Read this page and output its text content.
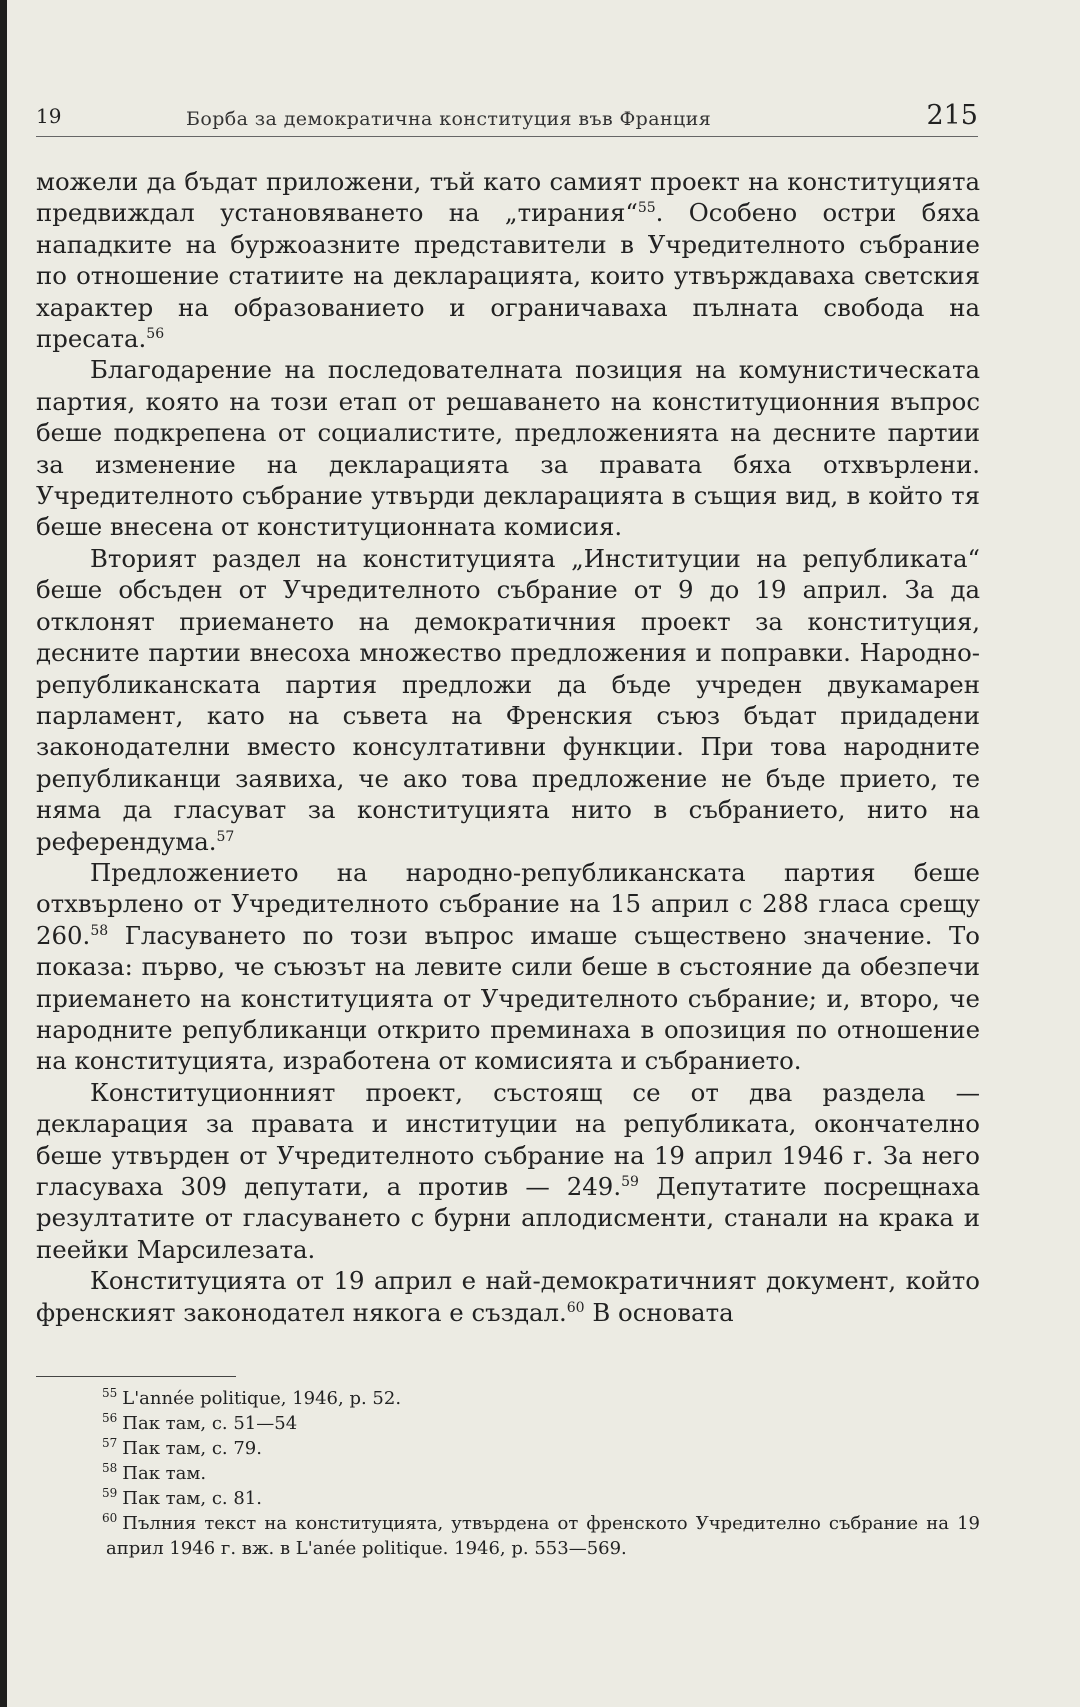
19	Борба за демократична конституция във Франция	215

можели да бъдат приложени, тъй като самият проект на конституцията предвиждал установяването на „тирания“$^{55}$. Особено остри бяха нападките на буржоазните представители в Учредителното събрание по отношение статиите на декларацията, които утвърждаваха светския характер на образованието и ограничаваха пълната свобода на пресата.$^{56}$

Благодарение на последователната позиция на комунистическата партия, която на този етап от решаването на конституционния въпрос беше подкрепена от социалистите, предложенията на десните партии за изменение на декларацията за правата бяха отхвърлени. Учредителното събрание утвърди декларацията в същия вид, в който тя беше внесена от конституционната комисия.

Вторият раздел на конституцията „Институции на републиката“ беше обсъден от Учредителното събрание от 9 до 19 април. За да отклонят приемането на демократичния проект за конституция, десните партии внесоха множество предложения и поправки. Народно-републиканската партия предложи да бъде учреден двукамарен парламент, като на съвета на Френския съюз бъдат придадени законодателни вместо консултативни функции. При това народните републиканци заявиха, че ако това предложение не бъде прието, те няма да гласуват за конституцията нито в събранието, нито на референдума.$^{57}$

Предложението на народно-републиканската партия беше отхвърлено от Учредителното събрание на 15 април с 288 гласа срещу 260.58 Гласуването по този въпрос имаше съществено значение. То показа: първо, че съюзът на левите сили беше в състояние да обезпечи приемането на конституцията от Учредителното събрание; и, второ, че народните републиканци открито преминаха в опозиция по отношение на конституцията, изработена от комисията и събранието.

Конституционният проект, състоящ се от два раздела — декларация за правата и институции на републиката, окончателно беше утвърден от Учредителното събрание на 19 април 1946 г. За него гласуваха 309 депутати, а против — 249.59 Депутатите посрещнаха резултатите от гласуването с бурни аплодисменти, станали на крака и пеейки Марсилезата.

Конституцията от 19 април е най-демократичният документ, който френският законодател някога е създал.$^{60}$ В основата

55 L'année politique, 1946, p. 52.

56 Пак там, с. 51—54

57 Пак там, с. 79.

58 Пак там.

59 Пак там, с. 81.

60 Пълния текст на конституцията, утвърдена от френското Учредително събрание на 19 април 1946 г. вж. в L'anée politique. 1946, p. 553—569.
